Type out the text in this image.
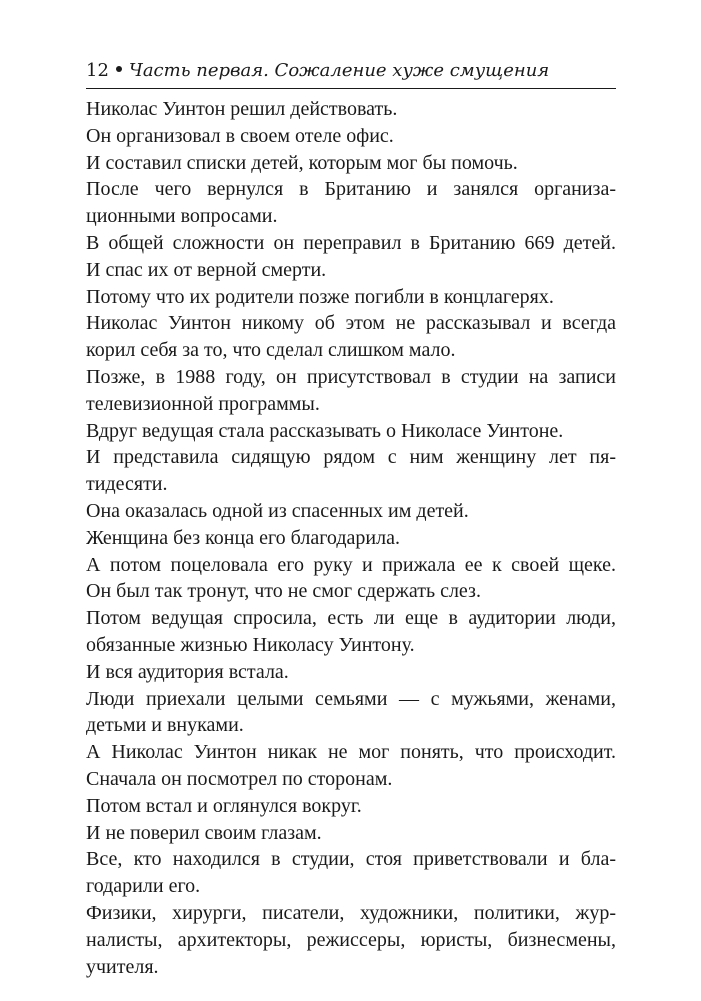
12 Часть первая. Сожаление хуже смущения
Николас Уинтон решил действовать.
Он организовал в своем отеле офис.
И составил списки детей, которым мог бы помочь.
После чего вернулся в Британию и занялся организа-
ционными вопросами.
В общей сложности он переправил в Британию 669 детей.
И спас их от верной смерти.
Потому что их родители позже погибли в концлагерях.
Николас Уинтон никому об этом не рассказывал и всегда
корил себя за то, что сделал слишком мало.
Позже, в 1988 году, он присутствовал в студии на записи
телевизионной программы.
Вдруг ведущая стала рассказывать о Николасе Уинтоне.
И представила сидящую рядом с ним женщину лет пя-
тидесяти.
Она оказалась одной из спасенных им детей.
Женщина без конца его благодарила.
А потом поцеловала его руку и прижала ее к своей щеке.
Он был так тронут, что не смог сдержать слез.
Потом ведущая спросила, есть ли еще в аудитории люди,
обязанные жизнью Николасу Уинтону.
И вся аудитория встала.
Люди приехали целыми семьями — с мужьями, женами,
детьми и внуками.
А Николас Уинтон никак не мог понять, что происходит.
Сначала он посмотрел по сторонам.
Потом встал и оглянулся вокруг.
И не поверил своим глазам.
Все, кто находился в студии, стоя приветствовали и бла-
годарили его.
Физики, хирурги, писатели, художники, политики, жур-
налисты, архитекторы, режиссеры, юристы, бизнесмены,
учителя.
